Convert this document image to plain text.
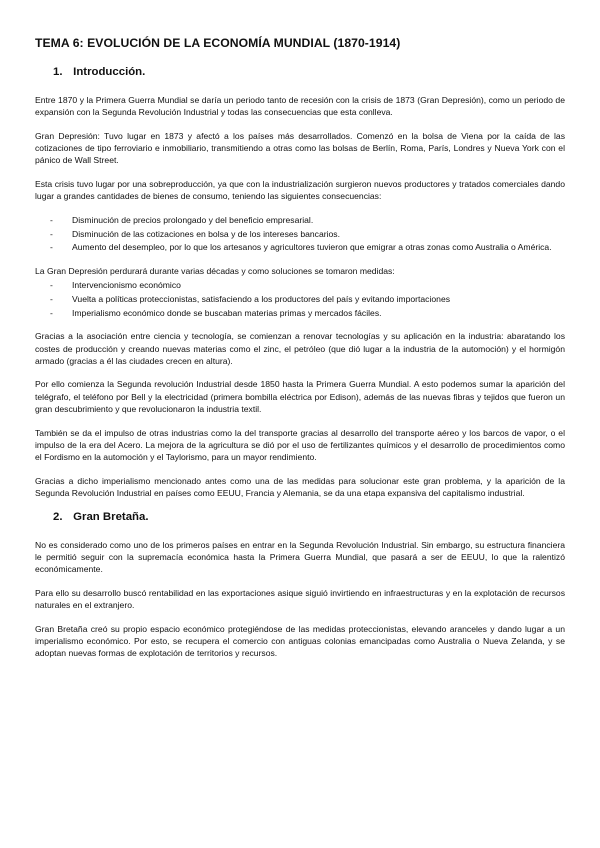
TEMA 6: EVOLUCIÓN DE LA ECONOMÍA MUNDIAL (1870-1914)
1. Introducción.

Entre 1870 y la Primera Guerra Mundial se daría un periodo tanto de recesión con la crisis de 1873 (Gran Depresión), como un periodo de expansión con la Segunda Revolución Industrial y todas las consecuencias que esta conlleva.

Gran Depresión: Tuvo lugar en 1873 y afectó a los países más desarrollados. Comenzó en la bolsa de Viena por la caída de las cotizaciones de tipo ferroviario e inmobiliario, transmitiendo a otras como las bolsas de Berlín, Roma, París, Londres y Nueva York con el pánico de Wall Street.

Esta crisis tuvo lugar por una sobreproducción, ya que con la industrialización surgieron nuevos productores y tratados comerciales dando lugar a grandes cantidades de bienes de consumo, teniendo las siguientes consecuencias:

- Disminución de precios prolongado y del beneficio empresarial.
- Disminución de las cotizaciones en bolsa y de los intereses bancarios.
- Aumento del desempleo, por lo que los artesanos y agricultores tuvieron que emigrar a otras zonas como Australia o América.

La Gran Depresión perdurará durante varias décadas y como soluciones se tomaron medidas:

- Intervencionismo económico
- Vuelta a políticas proteccionistas, satisfaciendo a los productores del país y evitando importaciones
- Imperialismo económico donde se buscaban materias primas y mercados fáciles.

Gracias a la asociación entre ciencia y tecnología, se comienzan a renovar tecnologías y su aplicación en la industria: abaratando los costes de producción y creando nuevas materias como el zinc, el petróleo (que dió lugar a la industria de la automoción) y el hormigón armado (gracias a él las ciudades crecen en altura).

Por ello comienza la Segunda revolución Industrial desde 1850 hasta la Primera Guerra Mundial. A esto podemos sumar la aparición del telégrafo, el teléfono por Bell y la electricidad (primera bombilla eléctrica por Edison), además de las nuevas fibras y tejidos que fueron un gran descubrimiento y que revolucionaron la industria textil.

También se da el impulso de otras industrias como la del transporte gracias al desarrollo del transporte aéreo y los barcos de vapor, o el impulso de la era del Acero. La mejora de la agricultura se dió por el uso de fertilizantes químicos y el desarrollo de procedimientos como el Fordismo en la automoción y el Taylorismo, para un mayor rendimiento.

Gracias a dicho imperialismo mencionado antes como una de las medidas para solucionar este gran problema, y la aparición de la Segunda Revolución Industrial en países como EEUU, Francia y Alemania, se da una etapa expansiva del capitalismo industrial.

2. Gran Bretaña.

No es considerado como uno de los primeros países en entrar en la Segunda Revolución Industrial. Sin embargo, su estructura financiera le permitió seguir con la supremacía económica hasta la Primera Guerra Mundial, que pasará a ser de EEUU, lo que la ralentizó económicamente.

Para ello su desarrollo buscó rentabilidad en las exportaciones asique siguió invirtiendo en infraestructuras y en la explotación de recursos naturales en el extranjero.

Gran Bretaña creó su propio espacio económico protegiéndose de las medidas proteccionistas, elevando aranceles y dando lugar a un imperialismo económico. Por esto, se recupera el comercio con antiguas colonias emancipadas como Australia o Nueva Zelanda, y se adoptan nuevas formas de explotación de territorios y recursos.
